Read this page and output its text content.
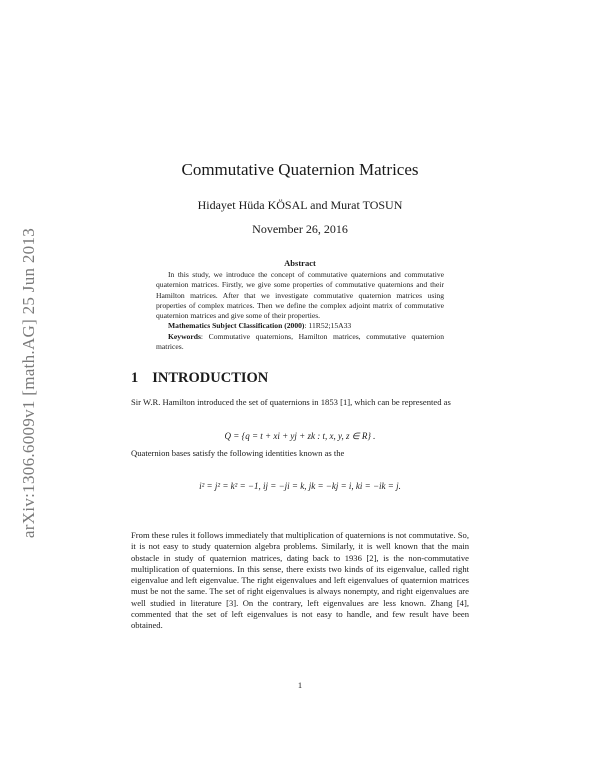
arXiv:1306.6009v1 [math.AG] 25 Jun 2013
Commutative Quaternion Matrices
Hidayet Hüda KÖSAL and Murat TOSUN
November 26, 2016
Abstract

In this study, we introduce the concept of commutative quaternions and commutative quaternion matrices. Firstly, we give some properties of commutative quaternions and their Hamilton matrices. After that we investigate commutative quaternion matrices using properties of complex matrices. Then we define the complex adjoint matrix of commutative quaternion matrices and give some of their properties.

Mathematics Subject Classification (2000): 11R52;15A33

Keywords: Commutative quaternions, Hamilton matrices, commutative quaternion matrices.

1 INTRODUCTION
Sir W.R. Hamilton introduced the set of quaternions in 1853 [1], which can be represented as
Q = {q = t + xi + yj + zk : t, x, y, z ∈ R} .
Quaternion bases satisfy the following identities known as the
i² = j² = k² = −1, ij = −ji = k, jk = −kj = i, ki = −ik = j.
From these rules it follows immediately that multiplication of quaternions is not commutative. So, it is not easy to study quaternion algebra problems. Similarly, it is well known that the main obstacle in study of quaternion matrices, dating back to 1936 [2], is the non-commutative multiplication of quaternions. In this sense, there exists two kinds of its eigenvalue, called right eigenvalue and left eigenvalue. The right eigenvalues and left eigenvalues of quaternion matrices must be not the same. The set of right eigenvalues is always nonempty, and right eigenvalues are well studied in literature [3]. On the contrary, left eigenvalues are less known. Zhang [4], commented that the set of left eigenvalues is not easy to handle, and few result have been obtained.
1
